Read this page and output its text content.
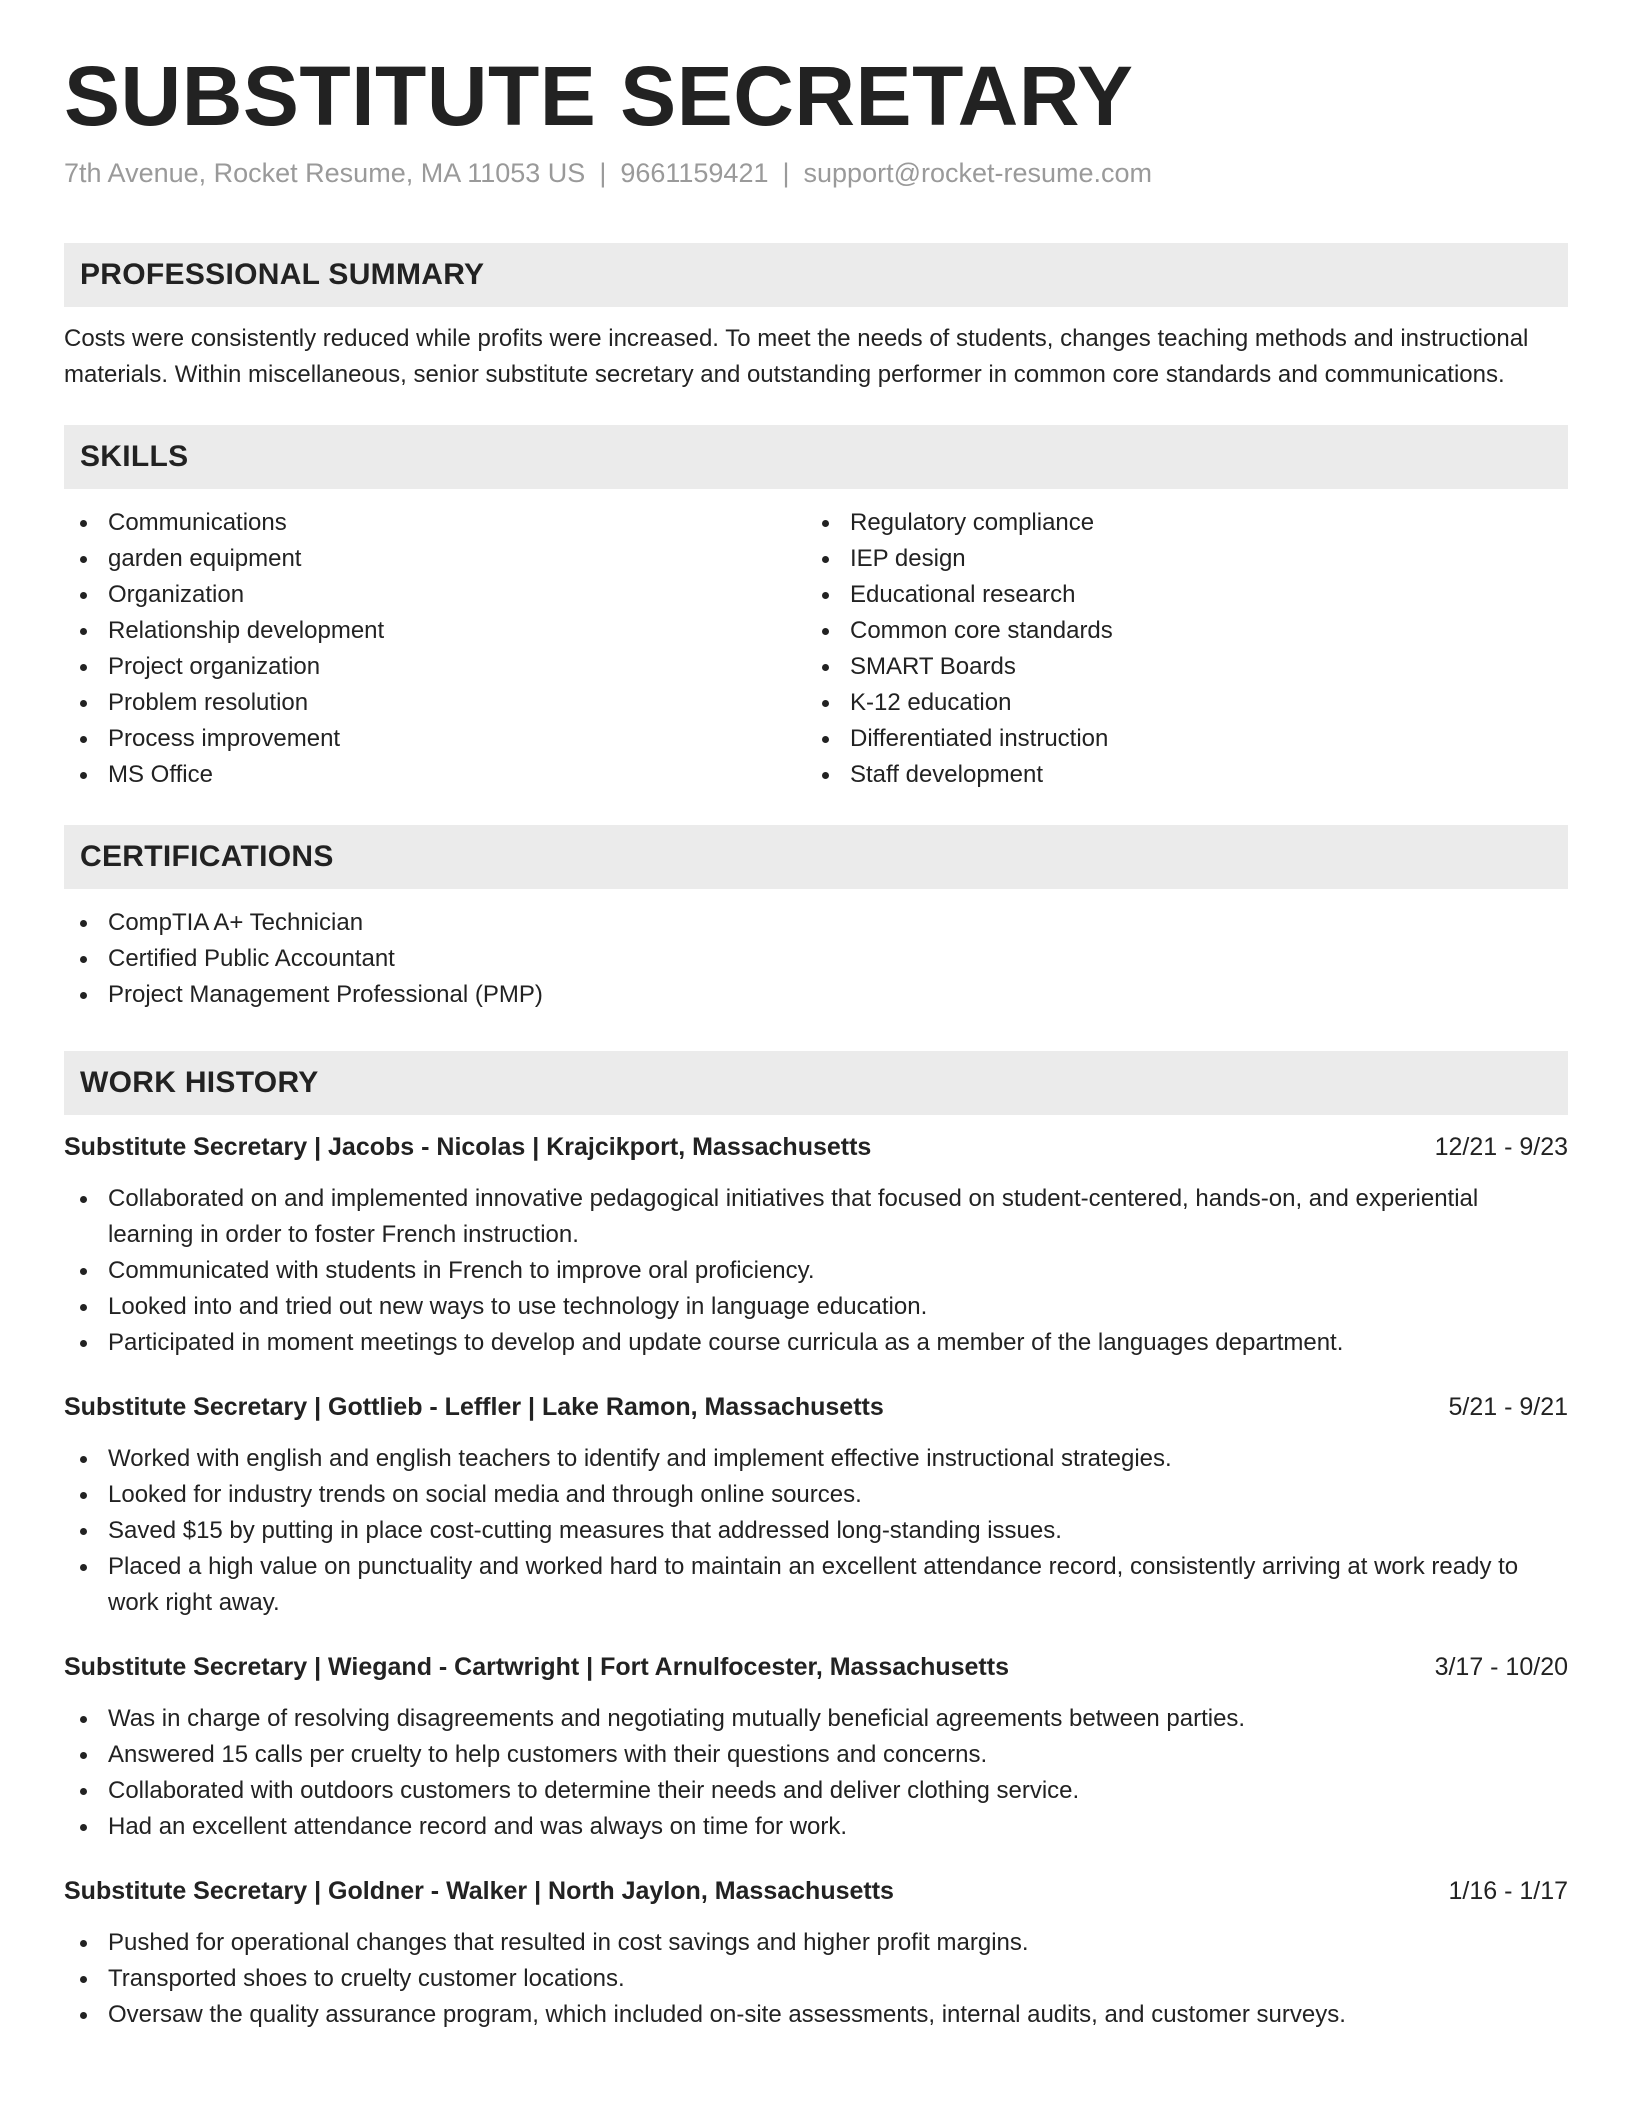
SUBSTITUTE SECRETARY
7th Avenue, Rocket Resume, MA 11053 US | 9661159421 | support@rocket-resume.com
PROFESSIONAL SUMMARY
Costs were consistently reduced while profits were increased. To meet the needs of students, changes teaching methods and instructional materials. Within miscellaneous, senior substitute secretary and outstanding performer in common core standards and communications.
SKILLS
Communications
garden equipment
Organization
Relationship development
Project organization
Problem resolution
Process improvement
MS Office
Regulatory compliance
IEP design
Educational research
Common core standards
SMART Boards
K-12 education
Differentiated instruction
Staff development
CERTIFICATIONS
CompTIA A+ Technician
Certified Public Accountant
Project Management Professional (PMP)
WORK HISTORY
Substitute Secretary | Jacobs - Nicolas | Krajcikport, Massachusetts	12/21 - 9/23
Collaborated on and implemented innovative pedagogical initiatives that focused on student-centered, hands-on, and experiential learning in order to foster French instruction.
Communicated with students in French to improve oral proficiency.
Looked into and tried out new ways to use technology in language education.
Participated in moment meetings to develop and update course curricula as a member of the languages department.
Substitute Secretary | Gottlieb - Leffler | Lake Ramon, Massachusetts	5/21 - 9/21
Worked with english and english teachers to identify and implement effective instructional strategies.
Looked for industry trends on social media and through online sources.
Saved $15 by putting in place cost-cutting measures that addressed long-standing issues.
Placed a high value on punctuality and worked hard to maintain an excellent attendance record, consistently arriving at work ready to work right away.
Substitute Secretary | Wiegand - Cartwright | Fort Arnulfocester, Massachusetts	3/17 - 10/20
Was in charge of resolving disagreements and negotiating mutually beneficial agreements between parties.
Answered 15 calls per cruelty to help customers with their questions and concerns.
Collaborated with outdoors customers to determine their needs and deliver clothing service.
Had an excellent attendance record and was always on time for work.
Substitute Secretary | Goldner - Walker | North Jaylon, Massachusetts	1/16 - 1/17
Pushed for operational changes that resulted in cost savings and higher profit margins.
Transported shoes to cruelty customer locations.
Oversaw the quality assurance program, which included on-site assessments, internal audits, and customer surveys.
